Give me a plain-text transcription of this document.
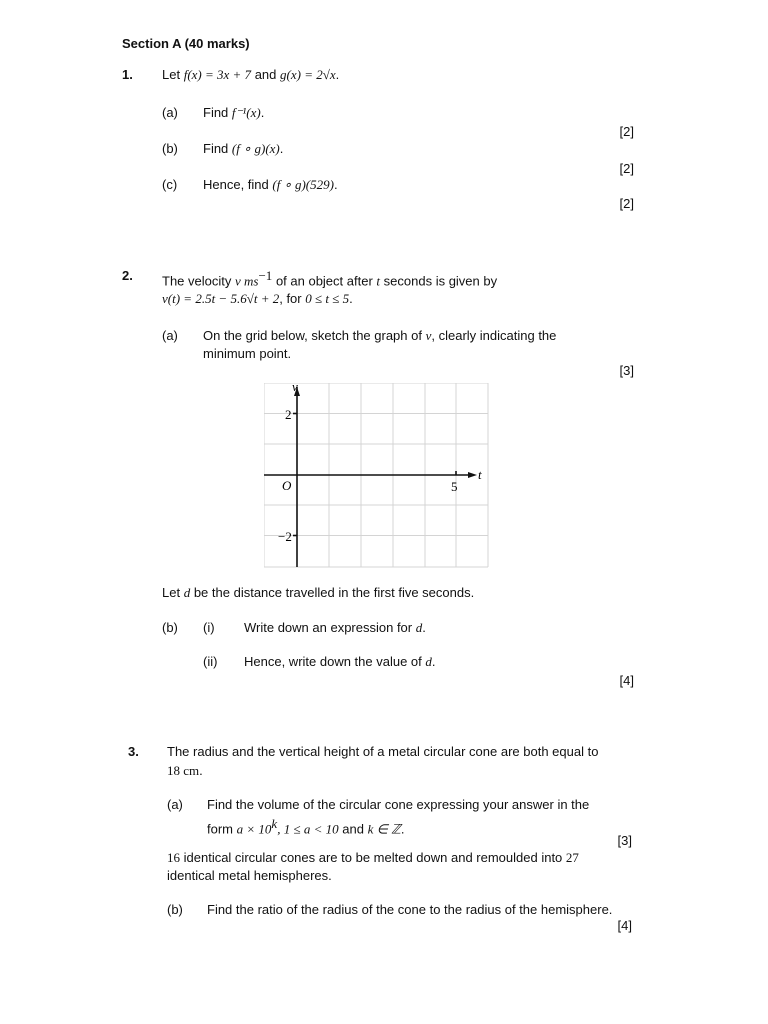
Section A (40 marks)
1. Let f(x) = 3x + 7 and g(x) = 2√x.
(a) Find f⁻¹(x).
[2]
(b) Find (f ∘ g)(x).
[2]
(c) Hence, find (f ∘ g)(529).
[2]
2. The velocity v $ms^{-1}$ of an object after t seconds is given by
v(t) = 2.5t − 5.6√t + 2, for 0 ≤ t ≤ 5.
(a) On the grid below, sketch the graph of v, clearly indicating the
minimum point.
[3]
v
t
O
2
−2
5
Let d be the distance travelled in the first five seconds.
(b) (i) Write down an expression for d.
(ii) Hence, write down the value of d.
[4]
3. The radius and the vertical height of a metal circular cone are both equal to
18 cm.
(a) Find the volume of the circular cone expressing your answer in the
form $a \times 10^k$, 1 ≤ a < 10 and k ∈ ℤ.
[3]
16 identical circular cones are to be melted down and remoulded into 27
identical metal hemispheres.
(b) Find the ratio of the radius of the cone to the radius of the hemisphere.
[4]
